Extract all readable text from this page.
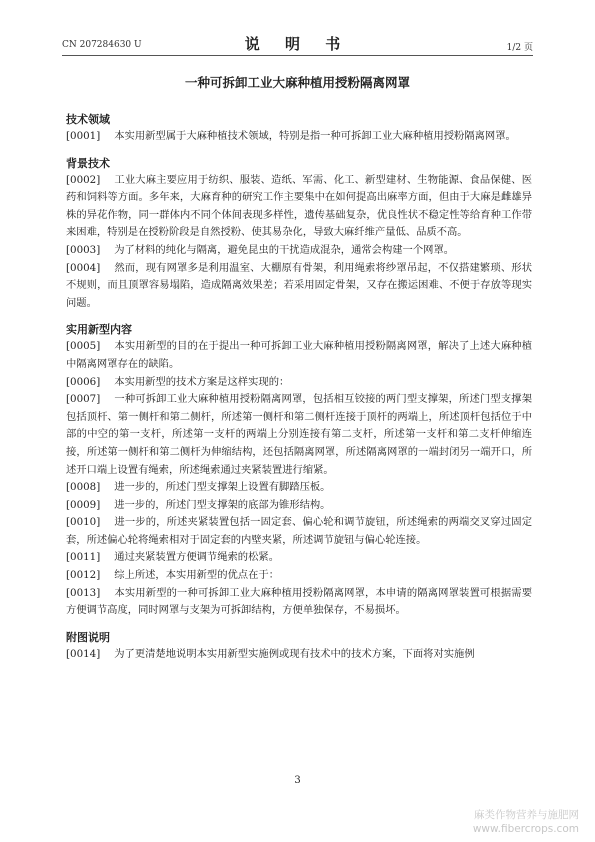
CN 207284630 U	说 明 书	1/2 页
一种可拆卸工业大麻种植用授粉隔离网罩
技术领域

[0001] 本实用新型属于大麻种植技术领域，特别是指一种可拆卸工业大麻种植用授粉隔离网罩。

背景技术

[0002] 工业大麻主要应用于纺织、服装、造纸、军需、化工、新型建材、生物能源、食品保健、医药和饲料等方面。多年来，大麻育种的研究工作主要集中在如何提高出麻率方面，但由于大麻是雌雄异株的异花作物，同一群体内不同个体间表现多样性，遗传基础复杂，优良性状不稳定性等给育种工作带来困难，特别是在授粉阶段是自然授粉、使其易杂化，导致大麻纤维产量低、品质不高。

[0003] 为了材料的纯化与隔离，避免昆虫的干扰造成混杂，通常会构建一个网罩。

[0004] 然而，现有网罩多是利用温室、大棚原有骨架，利用绳索将纱罩吊起，不仅搭建繁琐、形状不规则，而且顶罩容易塌陷，造成隔离效果差；若采用固定骨架，又存在搬运困难、不便于存放等现实问题。

实用新型内容

[0005] 本实用新型的目的在于提出一种可拆卸工业大麻种植用授粉隔离网罩，解决了上述大麻种植中隔离网罩存在的缺陷。

[0006] 本实用新型的技术方案是这样实现的：

[0007] 一种可拆卸工业大麻种植用授粉隔离网罩，包括相互铰接的两门型支撑架，所述门型支撑架包括顶杆、第一侧杆和第二侧杆，所述第一侧杆和第二侧杆连接于顶杆的两端上，所述顶杆包括位于中部的中空的第一支杆，所述第一支杆的两端上分别连接有第二支杆，所述第一支杆和第二支杆伸缩连接，所述第一侧杆和第二侧杆为伸缩结构，还包括隔离网罩，所述隔离网罩的一端封闭另一端开口，所述开口端上设置有绳索，所述绳索通过夹紧装置进行缩紧。

[0008] 进一步的，所述门型支撑架上设置有脚踏压板。

[0009] 进一步的，所述门型支撑架的底部为锥形结构。

[0010] 进一步的，所述夹紧装置包括一固定套、偏心轮和调节旋钮，所述绳索的两端交叉穿过固定套，所述偏心轮将绳索相对于固定套的内壁夹紧，所述调节旋钮与偏心轮连接。

[0011] 通过夹紧装置方便调节绳索的松紧。

[0012] 综上所述，本实用新型的优点在于：

[0013] 本实用新型的一种可拆卸工业大麻种植用授粉隔离网罩，本申请的隔离网罩装置可根据需要方便调节高度，同时网罩与支架为可拆卸结构，方便单独保存，不易损坏。

附图说明

[0014] 为了更清楚地说明本实用新型实施例或现有技术中的技术方案，下面将对实施例

3
麻类作物营养与施肥网
www.fibercrops.com
